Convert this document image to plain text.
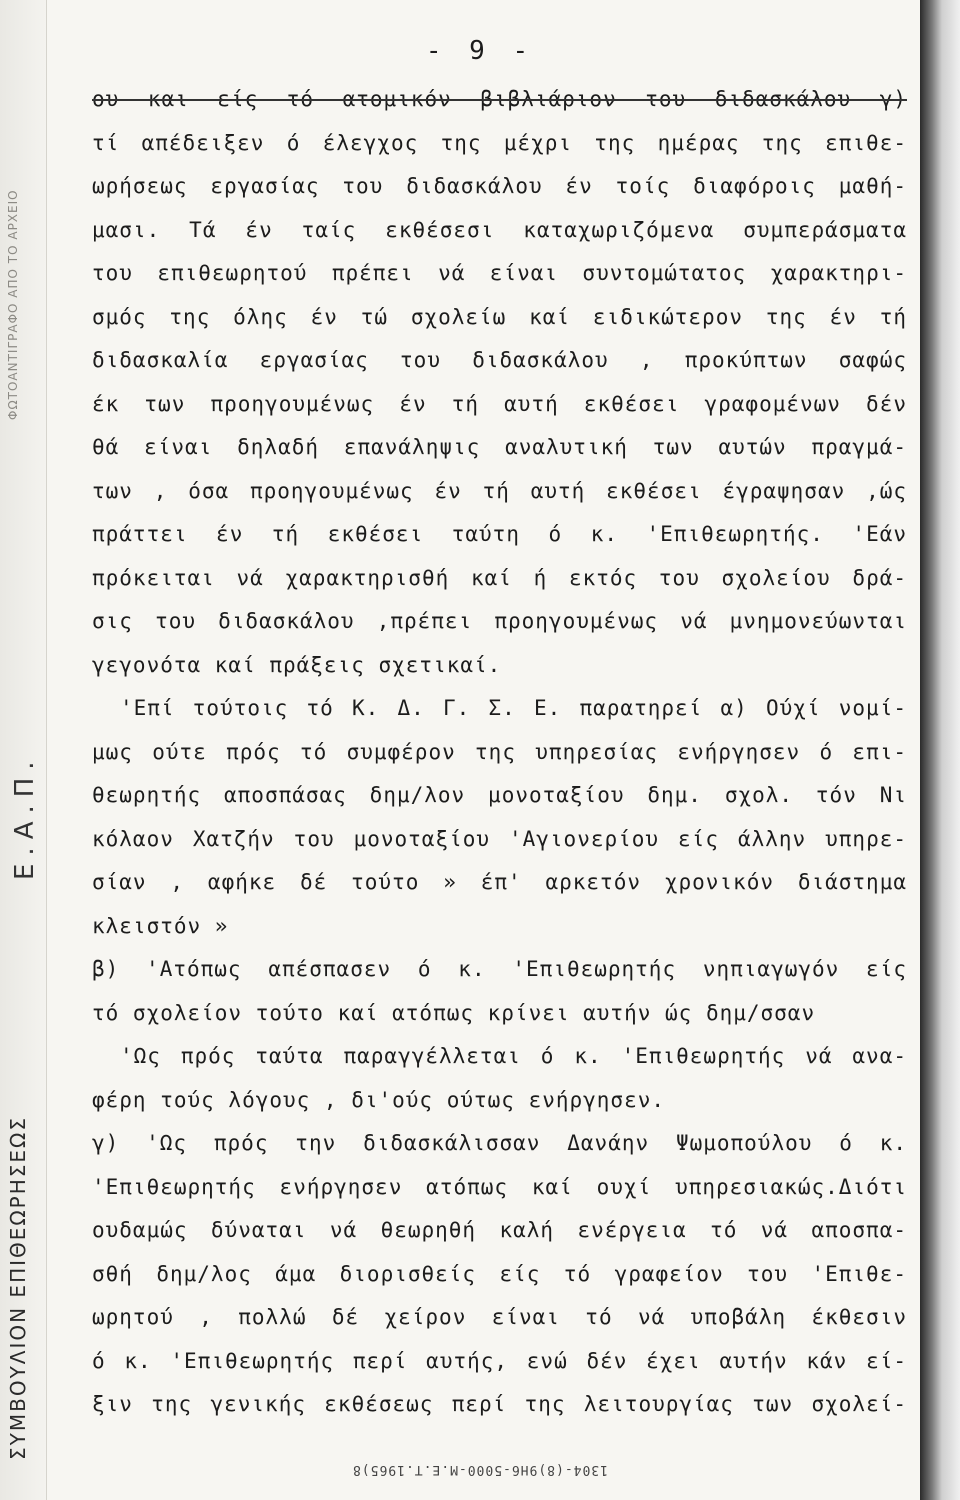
ΦΩΤΟΑΝΤΙΓΡΑΦΟ ΑΠΟ ΤΟ ΑΡΧΕΙΟ
Ε.Α.Π.
ΣΥΜΒΟΥΛΙΟΝ ΕΠΙΘΕΩΡΗΣΕΩΣ
- 9 -
ου και είς τό ατομικόν βιβλιάριον του διδασκάλου γ)
τί απέδειξεν ό έλεγχος της μέχρι της ημέρας της επιθε-
ωρήσεως εργασίας του διδασκάλου έν τοίς διαφόροις μαθή-
μασι. Τά έν ταίς εκθέσεσι καταχωριζόμενα συμπεράσματα
του επιθεωρητού πρέπει νά είναι συντομώτατος χαρακτηρι-
σμός της όλης έν τώ σχολείω καί ειδικώτερον της έν τή
διδασκαλία εργασίας του διδασκάλου , προκύπτων σαφώς
έκ των προηγουμένως έν τή αυτή εκθέσει γραφομένων δέν
θά είναι δηλαδή επανάληψις αναλυτική των αυτών πραγμά-
των , όσα προηγουμένως έν τή αυτή εκθέσει έγραψησαν ,ώς
πράττει έν τή εκθέσει ταύτη ό κ. 'Επιθεωρητής. 'Εάν
πρόκειται νά χαρακτηρισθή καί ή εκτός του σχολείου δρά-
σις του διδασκάλου ,πρέπει προηγουμένως νά μνημονεύωνται
γεγονότα καί πράξεις σχετικαί.
'Επί τούτοις τό Κ. Δ. Γ. Σ. Ε. παρατηρεί α) Ούχί νομί-
μως ούτε πρός τό συμφέρον της υπηρεσίας ενήργησεν ό επι-
θεωρητής αποσπάσας δημ/λον μονοταξίου δημ. σχολ. τόν Νι
κόλαον Χατζήν του μονοταξίου 'Αγιονερίου είς άλλην υπηρε-
σίαν , αφήκε δέ τούτο » έπ' αρκετόν χρονικόν διάστημα
κλειστόν »
β) 'Ατόπως απέσπασεν ό κ. 'Επιθεωρητής νηπιαγωγόν είς
τό σχολείον τούτο καί ατόπως κρίνει αυτήν ώς δημ/σσαν
'Ως πρός ταύτα παραγγέλλεται ό κ. 'Επιθεωρητής νά ανα-
φέρη τούς λόγους , δι'ούς ούτως ενήργησεν.
γ) 'Ως πρός την διδασκάλισσαν Δανάην Ψωμοπούλου ό κ.
'Επιθεωρητής ενήργησεν ατόπως καί ουχί υπηρεσιακώς.Διότι
ουδαμώς δύναται νά θεωρηθή καλή ενέργεια τό νά αποσπα-
σθή δημ/λος άμα διορισθείς είς τό γραφείον του 'Επιθε-
ωρητού , πολλώ δέ χείρον είναι τό νά υποβάλη έκθεσιν
ό κ. 'Επιθεωρητής περί αυτής, ενώ δέν έχει αυτήν κάν εί-
ξιν της γενικής εκθέσεως περί της λειτουργίας των σχολεί-
1304-(8)9Η6-5000-Μ.Ε.Τ.1965)8
